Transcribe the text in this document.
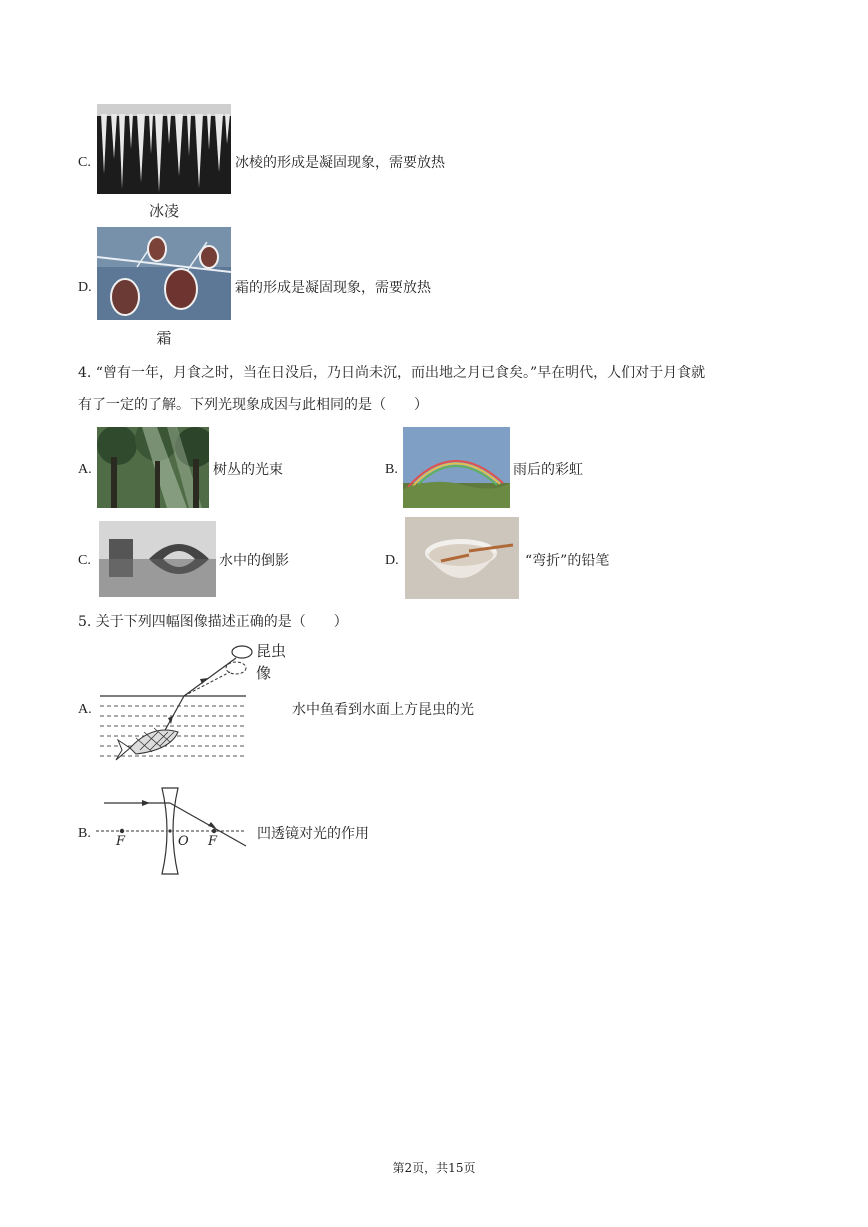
C.	冰棱的形成是凝固现象，需要放热
冰凌
D.	霜的形成是凝固现象，需要放热
霜
4. “曾有一年，月食之时，当在日没后，乃日尚未沉，而出地之月已食矣。”早在明代，人们对于月食就
有了一定的了解。下列光现象成因与此相同的是（　　）
A.	树丛的光束	B.	雨后的彩虹
C.	水中的倒影	D.	“弯折”的铅笔
5. 关于下列四幅图像描述正确的是（　　）
A.
昆虫
像
水中鱼看到水面上方昆虫的光
B.
F	O F	凹透镜对光的作用
第2页，共15页
